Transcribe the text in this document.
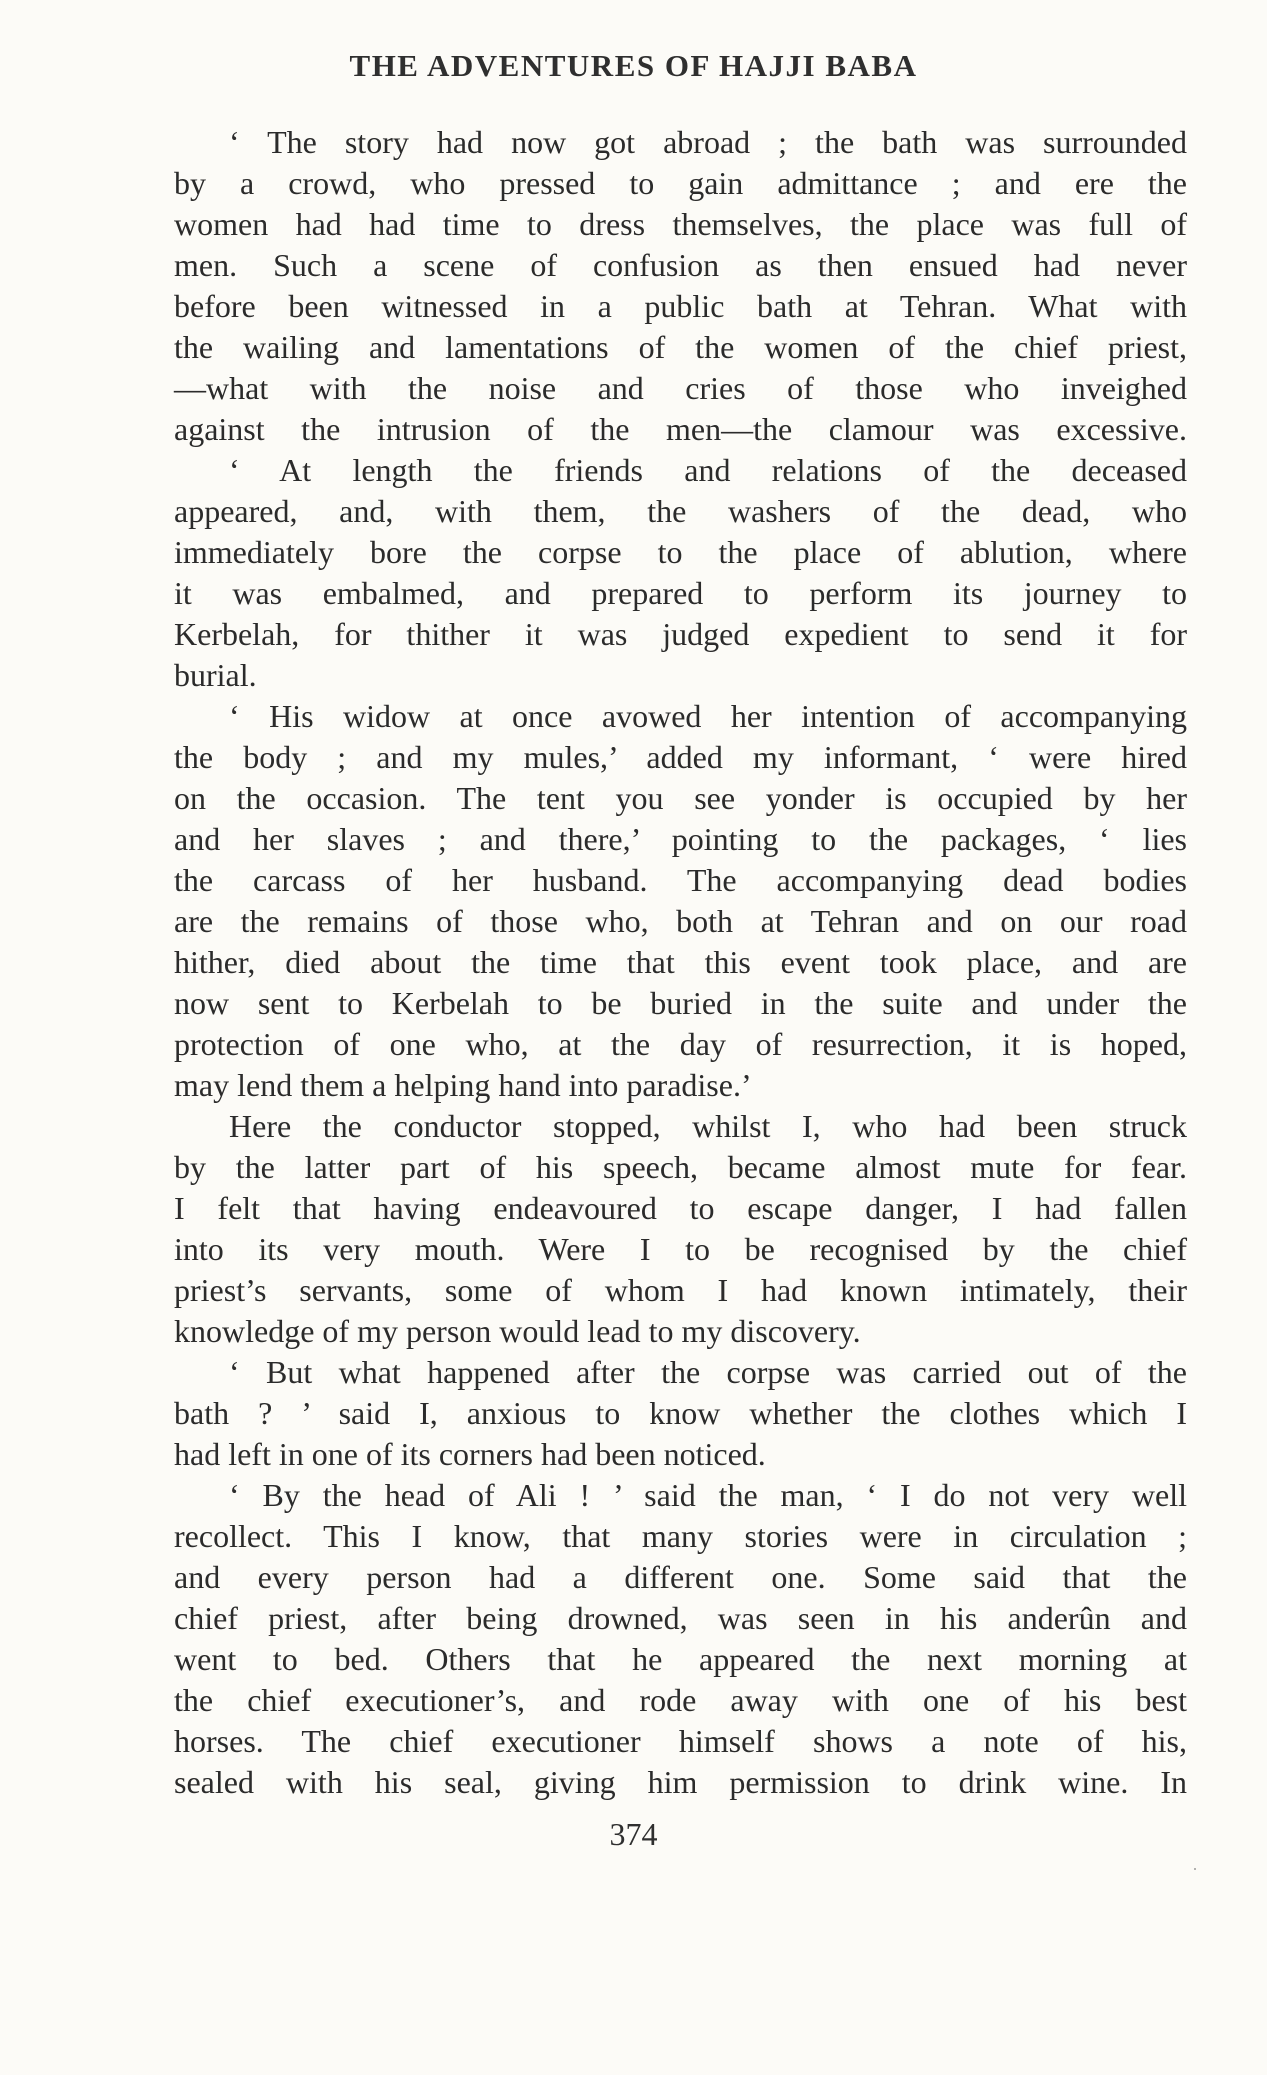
THE ADVENTURES OF HAJJI BABA
‘ The story had now got abroad ; the bath was surrounded
by a crowd, who pressed to gain admittance ; and ere the
women had had time to dress themselves, the place was full of
men. Such a scene of confusion as then ensued had never
before been witnessed in a public bath at Tehran. What with
the wailing and lamentations of the women of the chief priest,
—what with the noise and cries of those who inveighed
against the intrusion of the men—the clamour was excessive.
‘ At length the friends and relations of the deceased
appeared, and, with them, the washers of the dead, who
immediately bore the corpse to the place of ablution, where
it was embalmed, and prepared to perform its journey to
Kerbelah, for thither it was judged expedient to send it for
burial.
‘ His widow at once avowed her intention of accompanying
the body ; and my mules,’ added my informant, ‘ were hired
on the occasion. The tent you see yonder is occupied by her
and her slaves ; and there,’ pointing to the packages, ‘ lies
the carcass of her husband. The accompanying dead bodies
are the remains of those who, both at Tehran and on our road
hither, died about the time that this event took place, and are
now sent to Kerbelah to be buried in the suite and under the
protection of one who, at the day of resurrection, it is hoped,
may lend them a helping hand into paradise.’
Here the conductor stopped, whilst I, who had been struck
by the latter part of his speech, became almost mute for fear.
I felt that having endeavoured to escape danger, I had fallen
into its very mouth. Were I to be recognised by the chief
priest’s servants, some of whom I had known intimately, their
knowledge of my person would lead to my discovery.
‘ But what happened after the corpse was carried out of the
bath ? ’ said I, anxious to know whether the clothes which I
had left in one of its corners had been noticed.
‘ By the head of Ali ! ’ said the man, ‘ I do not very well
recollect. This I know, that many stories were in circulation ;
and every person had a different one. Some said that the
chief priest, after being drowned, was seen in his anderûn and
went to bed. Others that he appeared the next morning at
the chief executioner’s, and rode away with one of his best
horses. The chief executioner himself shows a note of his,
sealed with his seal, giving him permission to drink wine. In
374
